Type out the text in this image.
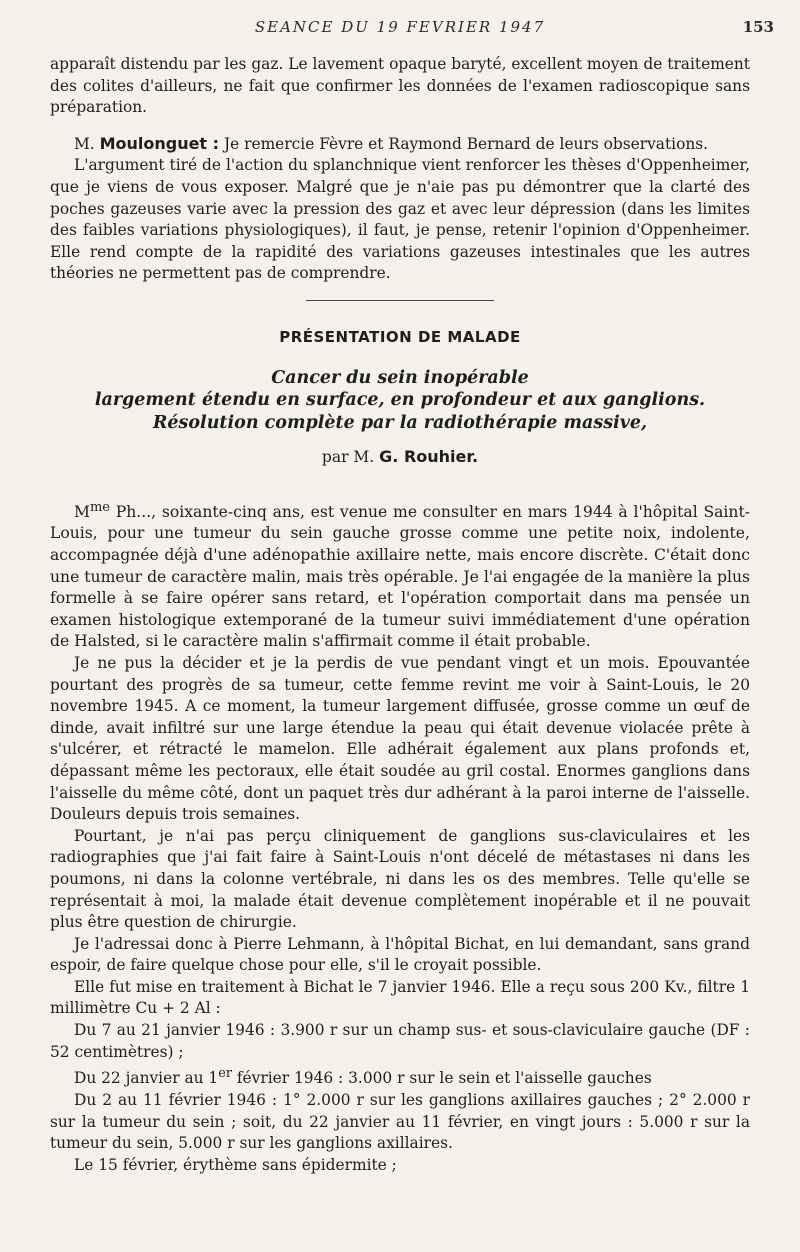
SEANCE DU 19 FEVRIER 1947	153

apparaît distendu par les gaz. Le lavement opaque baryté, excellent moyen de traitement des colites d'ailleurs, ne fait que confirmer les données de l'examen radioscopique sans préparation.

M. Moulonguet : Je remercie Fèvre et Raymond Bernard de leurs observations.

L'argument tiré de l'action du splanchnique vient renforcer les thèses d'Oppenheimer, que je viens de vous exposer. Malgré que je n'aie pas pu démontrer que la clarté des poches gazeuses varie avec la pression des gaz et avec leur dépression (dans les limites des faibles variations physiologiques), il faut, je pense, retenir l'opinion d'Oppenheimer. Elle rend compte de la rapidité des variations gazeuses intestinales que les autres théories ne permettent pas de comprendre.

PRÉSENTATION DE MALADE
Cancer du sein inopérable
largement étendu en surface, en profondeur et aux ganglions.
Résolution complète par la radiothérapie massive,
par M. G. Rouhier.

$M^{me}$ Ph..., soixante-cinq ans, est venue me consulter en mars 1944 à l'hôpital Saint-Louis, pour une tumeur du sein gauche grosse comme une petite noix, indolente, accompagnée déjà d'une adénopathie axillaire nette, mais encore discrète. C'était donc une tumeur de caractère malin, mais très opérable. Je l'ai engagée de la manière la plus formelle à se faire opérer sans retard, et l'opération comportait dans ma pensée un examen histologique extemporané de la tumeur suivi immédiatement d'une opération de Halsted, si le caractère malin s'affirmait comme il était probable.

Je ne pus la décider et je la perdis de vue pendant vingt et un mois. Epouvantée pourtant des progrès de sa tumeur, cette femme revint me voir à Saint-Louis, le 20 novembre 1945. A ce moment, la tumeur largement diffusée, grosse comme un œuf de dinde, avait infiltré sur une large étendue la peau qui était devenue violacée prête à s'ulcérer, et rétracté le mamelon. Elle adhérait également aux plans profonds et, dépassant même les pectoraux, elle était soudée au gril costal. Enormes ganglions dans l'aisselle du même côté, dont un paquet très dur adhérant à la paroi interne de l'aisselle. Douleurs depuis trois semaines.

Pourtant, je n'ai pas perçu cliniquement de ganglions sus-claviculaires et les radiographies que j'ai fait faire à Saint-Louis n'ont décelé de métastases ni dans les poumons, ni dans la colonne vertébrale, ni dans les os des membres. Telle qu'elle se représentait à moi, la malade était devenue complètement inopérable et il ne pouvait plus être question de chirurgie.

Je l'adressai donc à Pierre Lehmann, à l'hôpital Bichat, en lui demandant, sans grand espoir, de faire quelque chose pour elle, s'il le croyait possible.

Elle fut mise en traitement à Bichat le 7 janvier 1946. Elle a reçu sous 200 Kv., filtre 1 millimètre Cu + 2 Al :

Du 7 au 21 janvier 1946 : 3.900 r sur un champ sus- et sous-claviculaire gauche (DF : 52 centimètres) ;

Du 22 janvier au 1er février 1946 : 3.000 r sur le sein et l'aisselle gauches

Du 2 au 11 février 1946 : 1° 2.000 r sur les ganglions axillaires gauches ; 2° 2.000 r sur la tumeur du sein ; soit, du 22 janvier au 11 février, en vingt jours : 5.000 r sur la tumeur du sein, 5.000 r sur les ganglions axillaires.

Le 15 février, érythème sans épidermite ;
